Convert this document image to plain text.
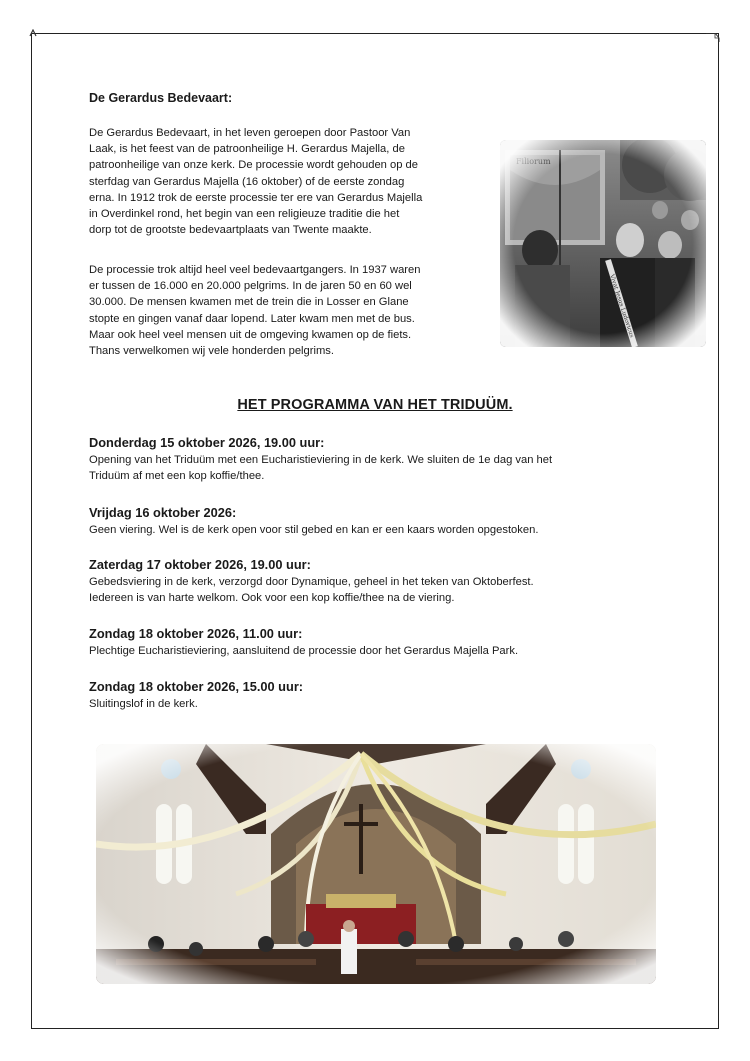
De Gerardus Bedevaart:

De Gerardus Bedevaart, in het leven geroepen door Pastoor Van
Laak, is het feest van de patroonheilige H. Gerardus Majella, de
patroonheilige van onze kerk. De processie wordt gehouden op de
sterfdag van Gerardus Majella (16 oktober) of de eerste zondag
erna. In 1912 trok de eerste processie ter ere van Gerardus Majella
in Overdinkel rond, het begin van een religieuze traditie die het
dorp tot de grootste bedevaartplaats van Twente maakte.

De processie trok altijd heel veel bedevaartgangers. In 1937 waren
er tussen de 16.000 en 20.000 pelgrims. In de jaren 50 en 60 wel
30.000. De mensen kwamen met de trein die in Losser en Glane
stopte en gingen vanaf daar lopend. Later kwam men met de bus.
Maar ook heel veel mensen uit de omgeving kwamen op de fiets.
Thans verwelkomen wij vele honderden pelgrims.

HET PROGRAMMA VAN HET TRIDUÜM.

Donderdag 15 oktober 2026, 19.00 uur:

Opening van het Triduüm met een Eucharistieviering in de kerk. We sluiten de 1e dag van het
Triduüm af met een kop koffie/thee.

Vrijdag 16 oktober 2026:

Geen viering. Wel is de kerk open voor stil gebed en kan er een kaars worden opgestoken.

Zaterdag 17 oktober 2026, 19.00 uur:

Gebedsviering in de kerk, verzorgd door Dynamique, geheel in het teken van Oktoberfest.
Iedereen is van harte welkom. Ook voor een kop koffie/thee na de viering.

Zondag 18 oktober 2026, 11.00 uur:

Plechtige Eucharistieviering, aansluitend de processie door het Gerardus Majella Park.

Zondag 18 oktober 2026, 15.00 uur:

Sluitingslof in de kerk.
